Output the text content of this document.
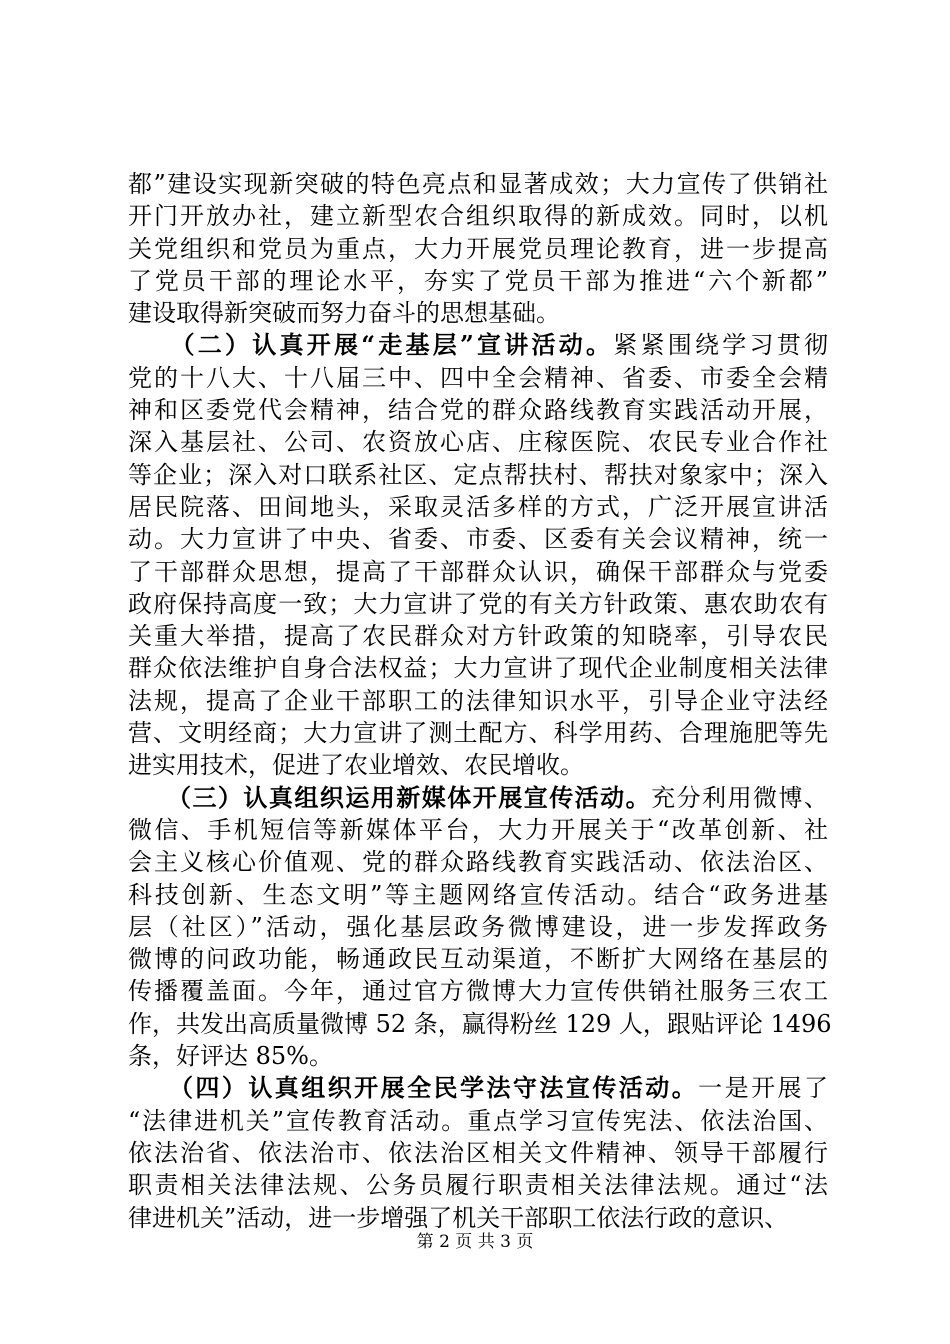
都”建设实现新突破的特色亮点和显著成效；大力宣传了供销社
开门开放办社，建立新型农合组织取得的新成效。同时，以机
关党组织和党员为重点，大力开展党员理论教育，进一步提高
了党员干部的理论水平，夯实了党员干部为推进“六个新都”
建设取得新突破而努力奋斗的思想基础。
　　（二）认真开展“走基层”宣讲活动。紧紧围绕学习贯彻
党的十八大、十八届三中、四中全会精神、省委、市委全会精
神和区委党代会精神，结合党的群众路线教育实践活动开展，
深入基层社、公司、农资放心店、庄稼医院、农民专业合作社
等企业；深入对口联系社区、定点帮扶村、帮扶对象家中；深入
居民院落、田间地头，采取灵活多样的方式，广泛开展宣讲活
动。大力宣讲了中央、省委、市委、区委有关会议精神，统一
了干部群众思想，提高了干部群众认识，确保干部群众与党委
政府保持高度一致；大力宣讲了党的有关方针政策、惠农助农有
关重大举措，提高了农民群众对方针政策的知晓率，引导农民
群众依法维护自身合法权益；大力宣讲了现代企业制度相关法律
法规，提高了企业干部职工的法律知识水平，引导企业守法经
营、文明经商；大力宣讲了测土配方、科学用药、合理施肥等先
进实用技术，促进了农业增效、农民增收。
　　（三）认真组织运用新媒体开展宣传活动。充分利用微博、
微信、手机短信等新媒体平台，大力开展关于“改革创新、社
会主义核心价值观、党的群众路线教育实践活动、依法治区、
科技创新、生态文明”等主题网络宣传活动。结合“政务进基
层（社区）”活动，强化基层政务微博建设，进一步发挥政务
微博的问政功能，畅通政民互动渠道，不断扩大网络在基层的
传播覆盖面。今年，通过官方微博大力宣传供销社服务三农工
作，共发出高质量微博 52 条，赢得粉丝 129 人，跟贴评论 1496
条，好评达 85%。
　　（四）认真组织开展全民学法守法宣传活动。一是开展了
“法律进机关”宣传教育活动。重点学习宣传宪法、依法治国、
依法治省、依法治市、依法治区相关文件精神、领导干部履行
职责相关法律法规、公务员履行职责相关法律法规。通过“法
律进机关”活动，进一步增强了机关干部职工依法行政的意识、
第 2 页 共 3 页
